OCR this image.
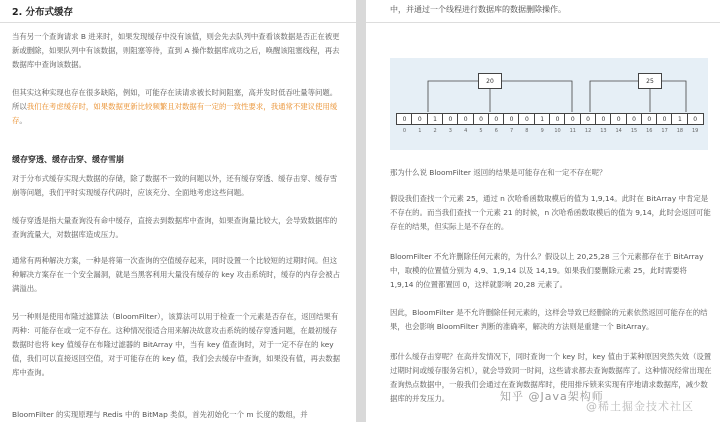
2. 分布式缓存

当有另一个查询请求 B 进来时，如果发现缓存中没有该值，则会先去队列中查看该数据是否正在被更新或删除，如果队列中有该数据，则阻塞等待，直到 A 操作数据库成功之后，唤醒该阻塞线程，再去数据库中查询该数据。

但其实这种实现也存在很多缺陷，例如，可能存在读请求被长时间阻塞，高并发时低吞吐量等问题。所以我们在考虑缓存时，如果数据更新比较频繁且对数据有一定的一致性要求，我通常不建议使用缓存。

缓存穿透、缓存击穿、缓存雪崩

对于分布式缓存实现大数据的存储，除了数据不一致的问题以外，还有缓存穿透、缓存击穿、缓存雪崩等问题，我们平时实现缓存代码时，应该充分、全面地考虑这些问题。

缓存穿透是指大量查询没有命中缓存，直接去到数据库中查询，如果查询量比较大，会导致数据库的查询流量大，对数据库造成压力。

通常有两种解决方案，一种是将第一次查询的空值缓存起来，同时设置一个比较短的过期时间。但这种解决方案存在一个安全漏洞，就是当黑客利用大量没有缓存的 key 攻击系统时，缓存的内存会被占满溢出。

另一种则是使用布隆过滤算法（BloomFilter），该算法可以用于检查一个元素是否存在，返回结果有两种：可能存在或一定不存在。这种情况很适合用来解决故意攻击系统的缓存穿透问题，在最初缓存数据时也将 key 值缓存在布隆过滤器的 BitArray 中，当有 key 值查询时，对于一定不存在的 key 值，我们可以直接返回空值，对于可能存在的 key 值，我们会去缓存中查询，如果没有值，再去数据库中查询。

BloomFilter 的实现原理与 Redis 中的 BitMap 类似，首先初始化一个 m 长度的数组，并

中，并通过一个线程进行数据库的数据删除操作。
20	25
0
0
0
1
1
2
0
3
0
4
0
5
0
6
0
7
0
8
1
9
0
10
0
11
0
12
0
13
0
14
0
15
0
16
0
17
1
18
0
19

那为什么说 BloomFilter 返回的结果是可能存在和一定不存在呢？

假设我们查找一个元素 25，通过 n 次哈希函数取模后的值为 1,9,14。此时在 BitArray 中肯定是不存在的。而当我们查找一个元素 21 的时候，n 次哈希函数取模后的值为 9,14，此时会返回可能存在的结果，但实际上是不存在的。

BloomFilter 不允许删除任何元素的，为什么？假设以上 20,25,28 三个元素都存在于 BitArray 中，取模的位置值分别为 4,9、1,9,14 以及 14,19。如果我们要删除元素 25，此时需要将 1,9,14 的位置都置回 0，这样就影响 20,28 元素了。

因此，BloomFilter 是不允许删除任何元素的，这样会导致已经删除的元素依然返回可能存在的结果，也会影响 BloomFilter 判断的准确率，解决的方法则是重建一个 BitArray。

那什么缓存击穿呢？在高并发情况下，同时查询一个 key 时，key 值由于某种原因突然失效（设置过期时间或缓存服务宕机），就会导致同一时间，这些请求都去查询数据库了。这种情况经常出现在查询热点数据中，一般我们会通过在查询数据库时，使用排斥锁来实现有序地请求数据库，减少数据库的并发压力。	知乎 @Java架构师
@稀土掘金技术社区
